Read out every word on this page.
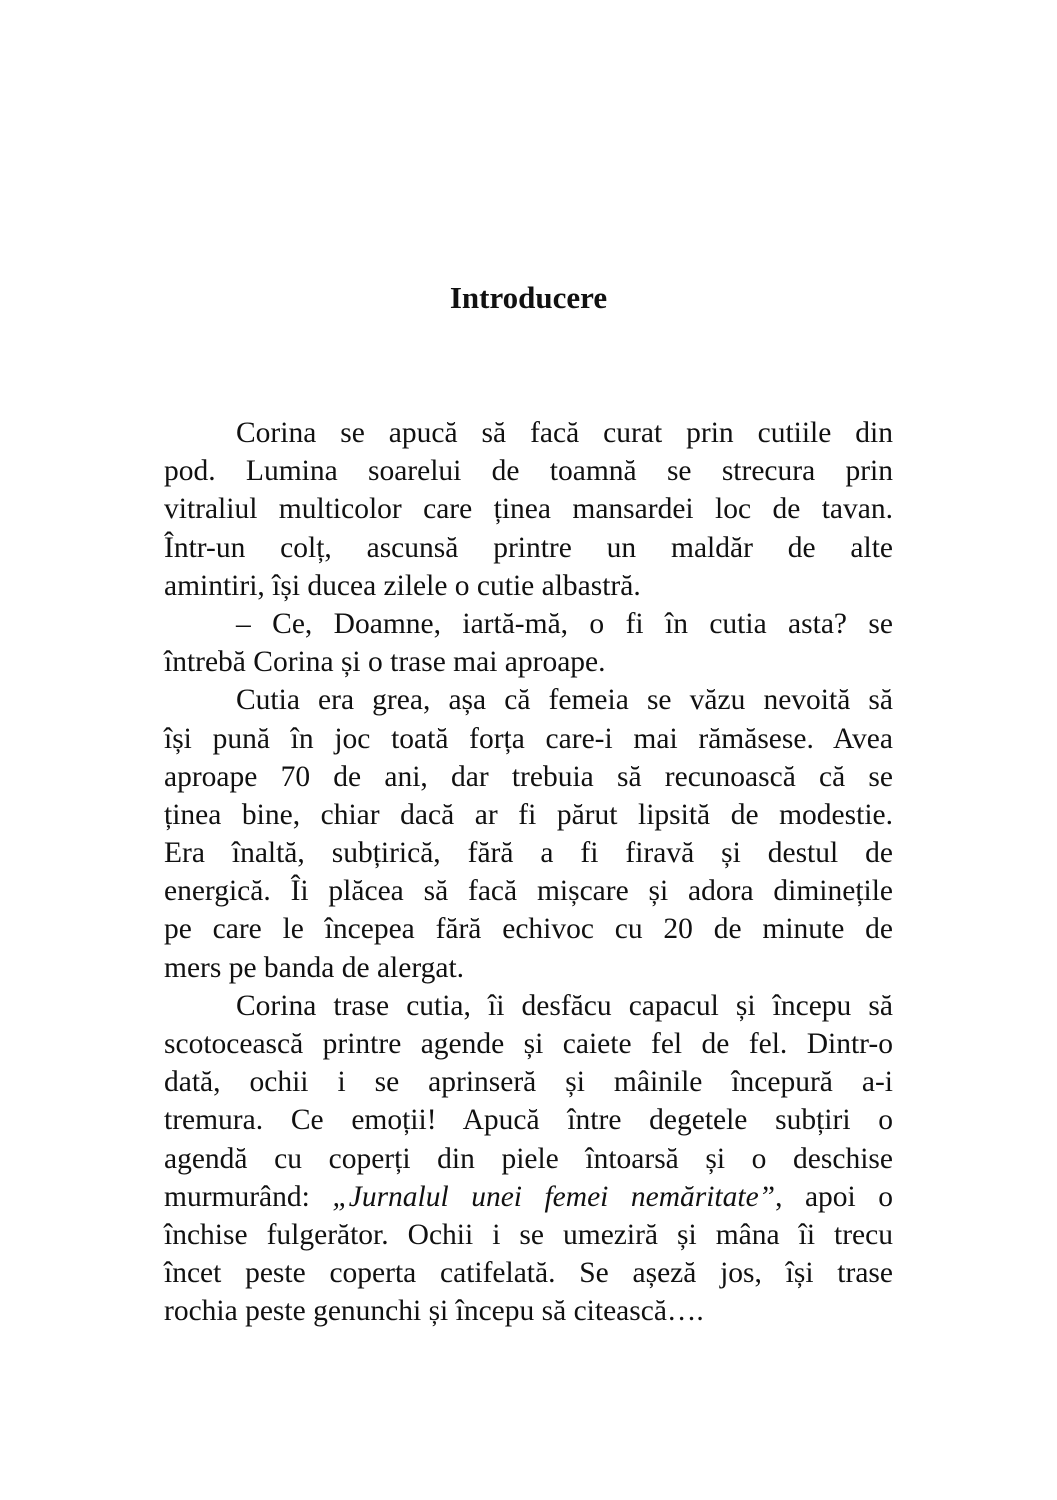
Introducere
Corina se apucă să facă curat prin cutiile din
pod. Lumina soarelui de toamnă se strecura prin
vitraliul multicolor care ținea mansardei loc de tavan.
Într-un colț, ascunsă printre un maldăr de alte
amintiri, își ducea zilele o cutie albastră.
– Ce, Doamne, iartă-mă, o fi în cutia asta? se
întrebă Corina și o trase mai aproape.
Cutia era grea, așa că femeia se văzu nevoită să
își pună în joc toată forța care-i mai rămăsese. Avea
aproape 70 de ani, dar trebuia să recunoască că se
ținea bine, chiar dacă ar fi părut lipsită de modestie.
Era înaltă, subțirică, fără a fi firavă și destul de
energică. Îi plăcea să facă mișcare și adora diminețile
pe care le începea fără echivoc cu 20 de minute de
mers pe banda de alergat.
Corina trase cutia, îi desfăcu capacul și începu să
scotocească printre agende și caiete fel de fel. Dintr-o
dată, ochii i se aprinseră și mâinile începură a-i
tremura. Ce emoții! Apucă între degetele subțiri o
agendă cu coperți din piele întoarsă și o deschise
murmurând: „Jurnalul unei femei nemăritate”, apoi o
închise fulgerător. Ochii i se umeziră și mâna îi trecu
încet peste coperta catifelată. Se așeză jos, își trase
rochia peste genunchi și începu să citească….
